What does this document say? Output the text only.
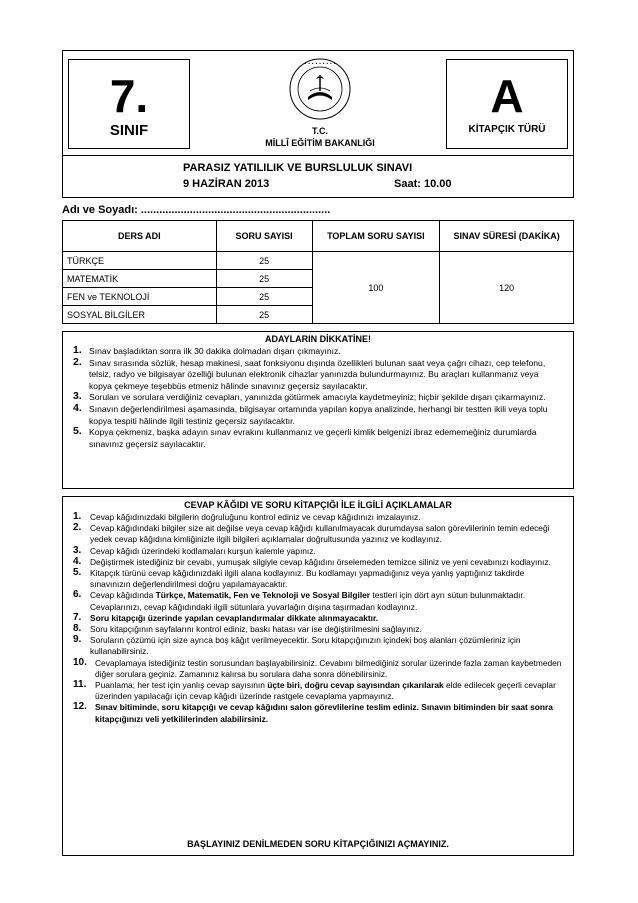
7.
SINIF
• • • • • • • • •
T.C.
MİLLÎ EĞİTİM BAKANLIĞI
A
KİTAPÇIK TÜRÜ
PARASIZ YATILILIK VE BURSLULUK SINAVI
9 HAZİRAN 2013	Saat: 10.00
Adı ve Soyadı: ..............................................................
DERS ADI	SORU SAYISI	TOPLAM SORU SAYISI	SINAV SÜRESİ (DAKİKA)
TÜRKÇE	25	100	120
MATEMATİK	25		
FEN ve TEKNOLOJİ	25		
SOSYAL BİLGİLER	25		
ADAYLARIN DİKKATİNE!
1. Sınav başladıktan sonra ilk 30 dakika dolmadan dışarı çıkmayınız.
2. Sınav sırasında sözlük, hesap makinesi, saat fonksiyonu dışında özellikleri bulunan saat veya çağrı cihazı, cep telefonu, telsiz, radyo ve bilgisayar özelliği bulunan elektronik cihazlar yanınızda bulundurmayınız. Bu araçları kullanmanız veya kopya çekmeye teşebbüs etmeniz hâlinde sınavınız geçersiz sayılacaktır.
3. Soruları ve sorulara verdiğiniz cevapları, yanınızda götürmek amacıyla kaydetmeyiniz; hiçbir şekilde dışarı çıkarmayınız.
4. Sınavın değerlendirilmesi aşamasında, bilgisayar ortamında yapılan kopya analizinde, herhangi bir testten ikili veya toplu kopya tespiti hâlinde ilgili testiniz geçersiz sayılacaktır.
5. Kopya çekmeniz, başka adayın sınav evrakını kullanmanız ve geçerli kimlik belgenizi ibraz edememeğiniz durumlarda sınavınız geçersiz sayılacaktır.
CEVAP KÂĞIDI VE SORU KİTAPÇIĞI İLE İLGİLİ AÇIKLAMALAR
1. Cevap kâğıdınızdaki bilgilerin doğruluğunu kontrol ediniz ve cevap kâğıdınızı imzalayınız.
2. Cevap kâğıdındaki bilgiler size ait değilse veya cevap kâğıdı kullanılmayacak durumdaysa salon görevlilerinin temin edeceği yedek cevap kâğıdına kimliğinizle ilgili bilgileri açıklamalar doğrultusunda yazınız ve kodlayınız.
3. Cevap kâğıdı üzerindeki kodlamaları kurşun kalemle yapınız.
4. Değiştirmek istediğiniz bir cevabı, yumuşak silgiyle cevap kâğıdını örselemeden temizce siliniz ve yeni cevabınızı kodlayınız.
5. Kitapçık türünü cevap kâğıdınızdaki ilgili alana kodlayınız. Bu kodlamayı yapmadığınız veya yanlış yaptığınız takdirde sınavınızın değerlendirilmesi doğru yapılamayacaktır.
6. Cevap kâğıdında Türkçe, Matematik, Fen ve Teknoloji ve Sosyal Bilgiler testleri için dört ayrı sütun bulunmaktadır. Cevaplarınızı, cevap kâğıdındaki ilgili sütunlara yuvarlağın dışına taşırmadan kodlayınız.
7. Soru kitapçığı üzerinde yapılan cevaplandırmalar dikkate alınmayacaktır.
8. Soru kitapçığının sayfalarını kontrol ediniz, baskı hatası var ise değiştirilmesini sağlayınız.
9. Soruların çözümü için size ayrıca boş kâğıt verilmeyecektir. Soru kitapçığınızın içindeki boş alanları çözümleriniz için kullanabilirsiniz.
10. Cevaplamaya istediğiniz testin sorusundan başlayabilirsiniz. Cevabını bilmediğiniz sorular üzerinde fazla zaman kaybetmeden diğer sorulara geçiniz. Zamanınız kalırsa bu sorulara daha sonra dönebilirsiniz.
11. Puanlama; her test için yanlış cevap sayısının üçte biri, doğru cevap sayısından çıkarılarak elde edilecek geçerli cevaplar üzerinden yapılacağı için cevap kâğıdı üzerinde rastgele cevaplama yapmayınız.
12. Sınav bitiminde, soru kitapçığı ve cevap kâğıdını salon görevlilerine teslim ediniz. Sınavın bitiminden bir saat sonra kitapçığınızı veli yetkililerinden alabilirsiniz.
BAŞLAYINIZ DENİLMEDEN SORU KİTAPÇIĞINIZI AÇMAYINIZ.
